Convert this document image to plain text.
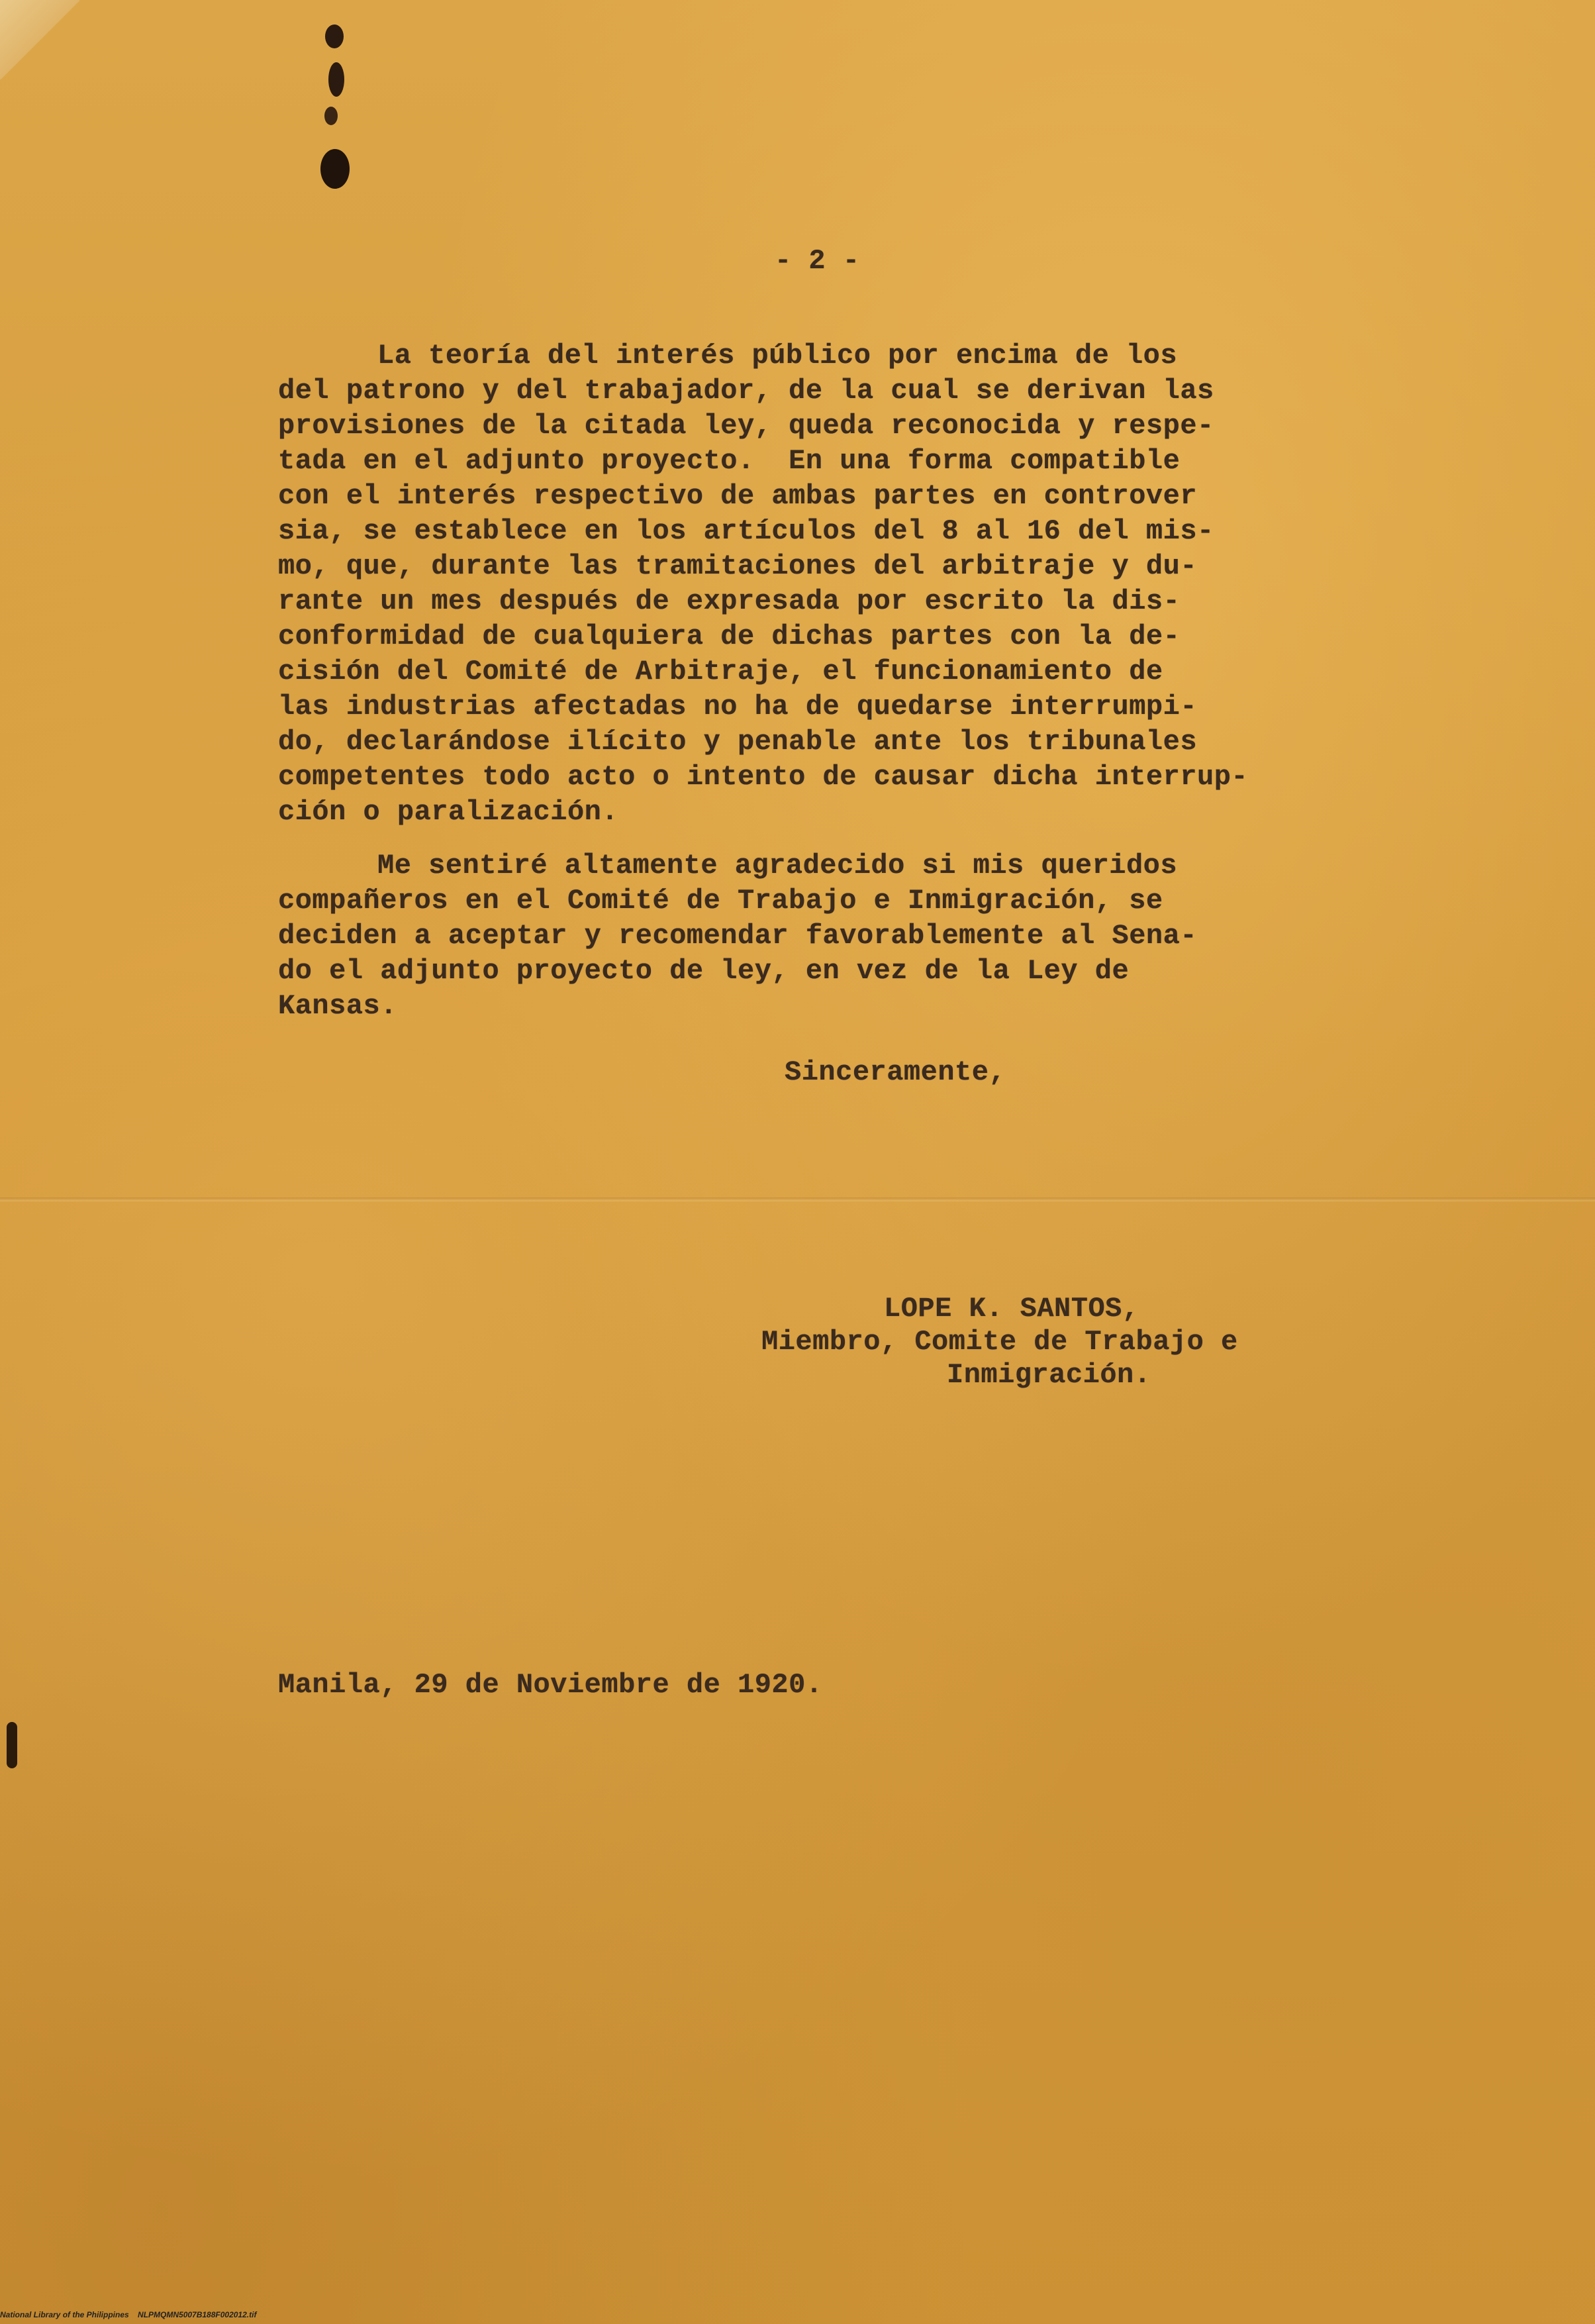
- 2 -
La teoría del interés público por encima de los
del patrono y del trabajador, de la cual se derivan las
provisiones de la citada ley, queda reconocida y respe-
tada en el adjunto proyecto.  En una forma compatible
con el interés respectivo de ambas partes en controver
sia, se establece en los artículos del 8 al 16 del mis-
mo, que, durante las tramitaciones del arbitraje y du-
rante un mes después de expresada por escrito la dis-
conformidad de cualquiera de dichas partes con la de-
cisión del Comité de Arbitraje, el funcionamiento de
las industrias afectadas no ha de quedarse interrumpi-
do, declarándose ilícito y penable ante los tribunales
competentes todo acto o intento de causar dicha interrup-
ción o paralización.
Me sentiré altamente agradecido si mis queridos
compañeros en el Comité de Trabajo e Inmigración, se
deciden a aceptar y recomendar favorablemente al Sena-
do el adjunto proyecto de ley, en vez de la Ley de
Kansas.
Sinceramente,
LOPE K. SANTOS,
Miembro, Comite de Trabajo e
Inmigración.
Manila, 29 de Noviembre de 1920.
National Library of the Philippines    NLPMQMN5007B188F002012.tif
